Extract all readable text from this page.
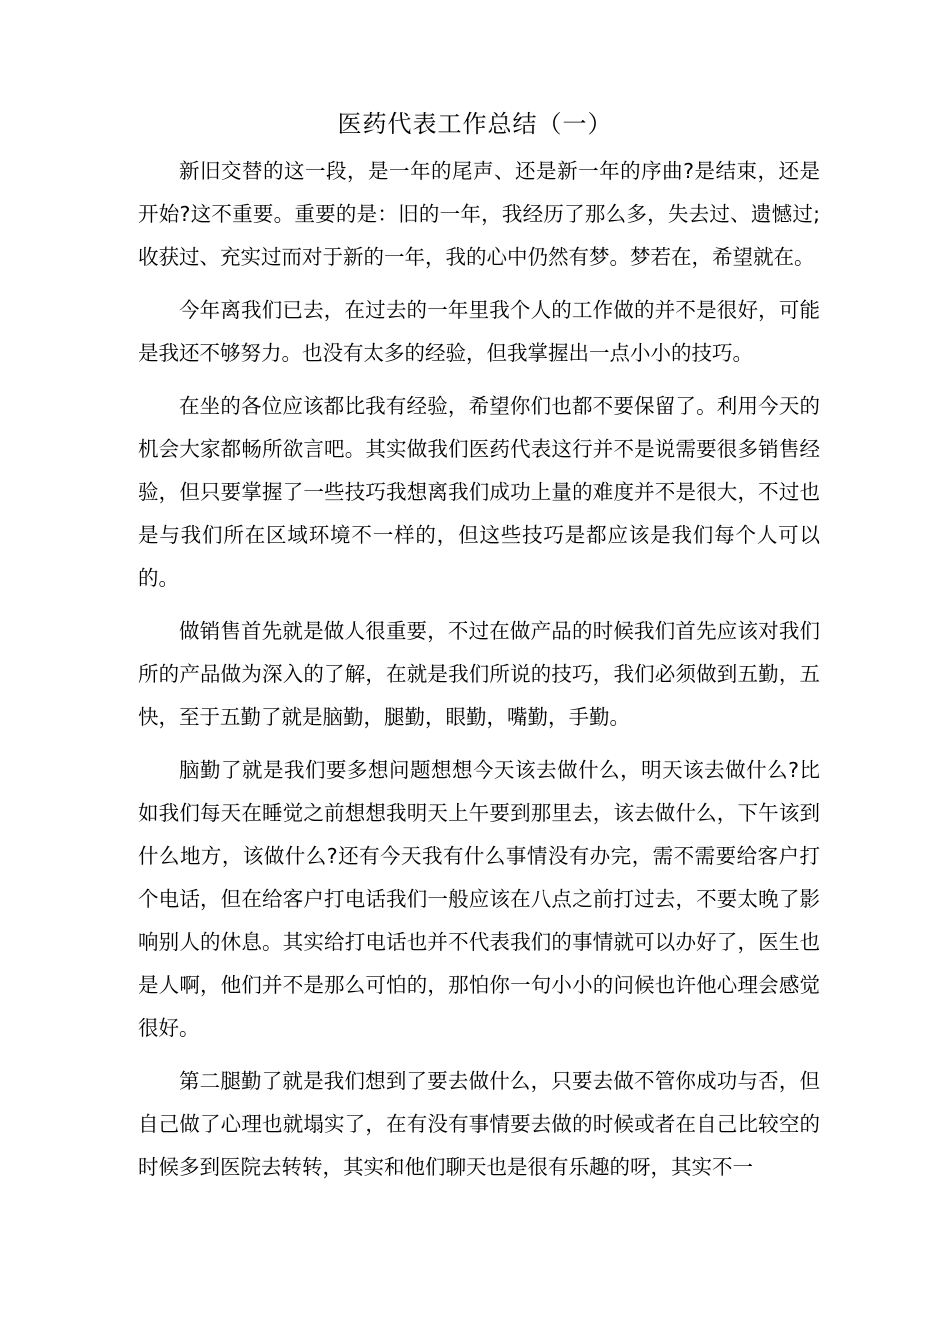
医药代表工作总结（一）

新旧交替的这一段，是一年的尾声、还是新一年的序曲?是结束，还是开始?这不重要。重要的是：旧的一年，我经历了那么多，失去过、遗憾过;收获过、充实过而对于新的一年，我的心中仍然有梦。梦若在，希望就在。

今年离我们已去，在过去的一年里我个人的工作做的并不是很好，可能是我还不够努力。也没有太多的经验，但我掌握出一点小小的技巧。

在坐的各位应该都比我有经验，希望你们也都不要保留了。利用今天的机会大家都畅所欲言吧。其实做我们医药代表这行并不是说需要很多销售经验，但只要掌握了一些技巧我想离我们成功上量的难度并不是很大，不过也是与我们所在区域环境不一样的，但这些技巧是都应该是我们每个人可以的。

做销售首先就是做人很重要，不过在做产品的时候我们首先应该对我们所的产品做为深入的了解，在就是我们所说的技巧，我们必须做到五勤，五快，至于五勤了就是脑勤，腿勤，眼勤，嘴勤，手勤。

脑勤了就是我们要多想问题想想今天该去做什么，明天该去做什么?比如我们每天在睡觉之前想想我明天上午要到那里去，该去做什么，下午该到什么地方，该做什么?还有今天我有什么事情没有办完，需不需要给客户打个电话，但在给客户打电话我们一般应该在八点之前打过去，不要太晚了影响别人的休息。其实给打电话也并不代表我们的事情就可以办好了，医生也是人啊，他们并不是那么可怕的，那怕你一句小小的问候也许他心理会感觉很好。

第二腿勤了就是我们想到了要去做什么，只要去做不管你成功与否，但自己做了心理也就塌实了，在有没有事情要去做的时候或者在自己比较空的时候多到医院去转转，其实和他们聊天也是很有乐趣的呀，其实不一
